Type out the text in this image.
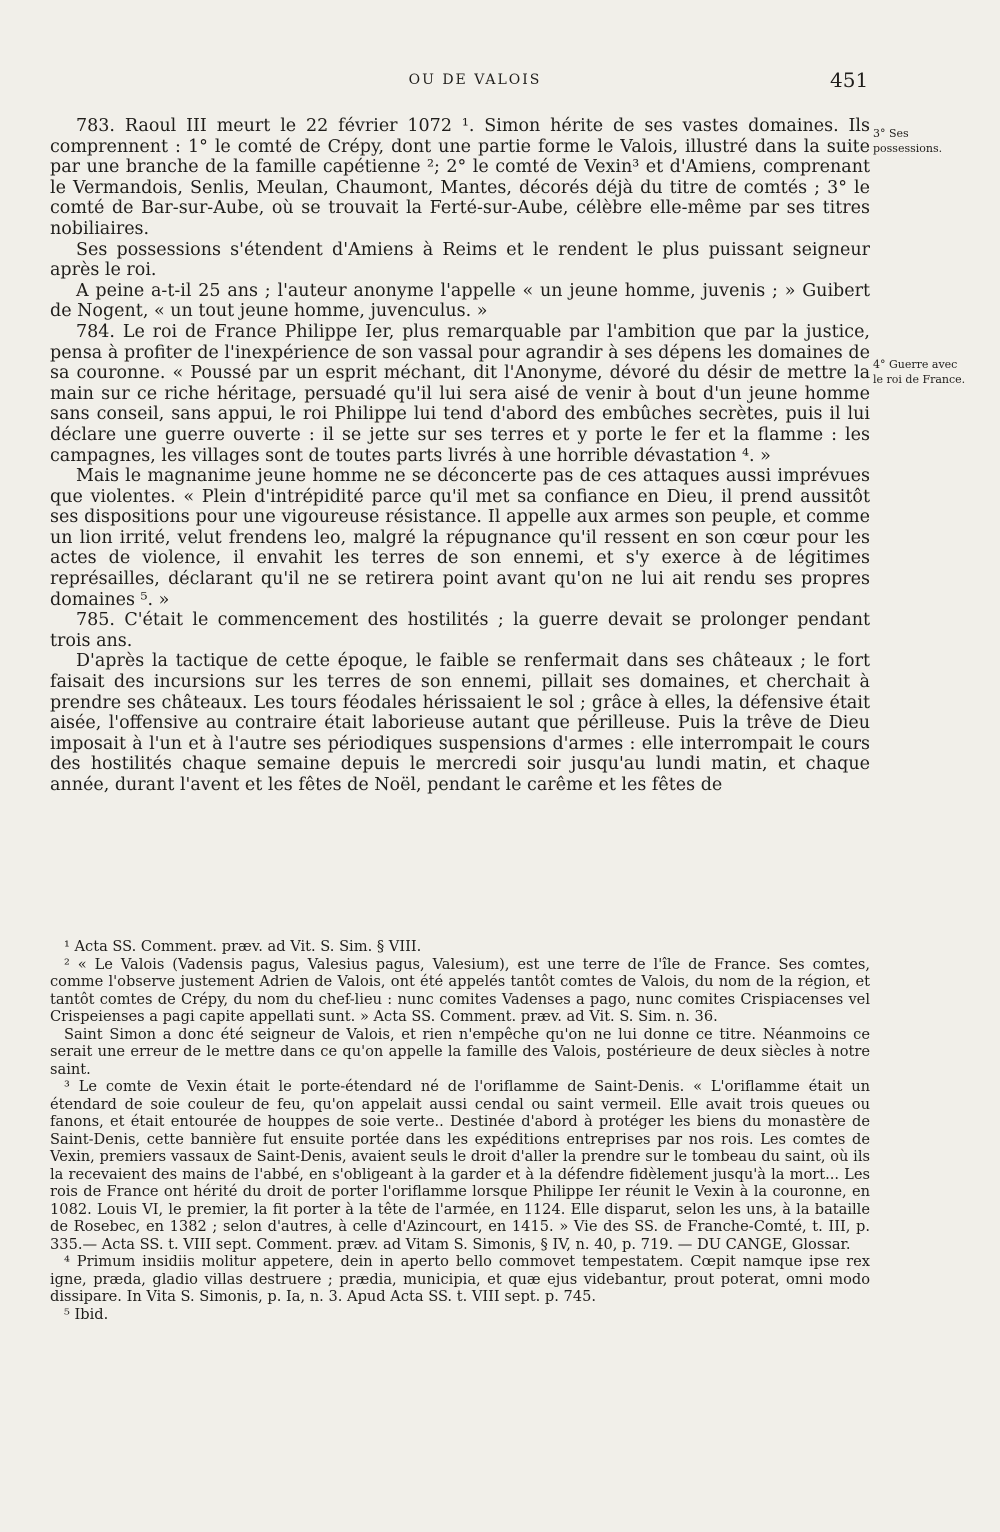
OU DE VALOIS	451
3° Ses possessions.
4° Guerre avec le roi de France.

783. Raoul III meurt le 22 février 1072 ¹. Simon hérite de ses vastes domaines. Ils comprennent : 1° le comté de Crépy, dont une partie forme le Valois, illustré dans la suite par une branche de la famille capétienne ²; 2° le comté de Vexin³ et d'Amiens, comprenant le Vermandois, Senlis, Meulan, Chaumont, Mantes, décorés déjà du titre de comtés ; 3° le comté de Bar-sur-Aube, où se trouvait la Ferté-sur-Aube, célèbre elle-même par ses titres nobiliaires.

Ses possessions s'étendent d'Amiens à Reims et le rendent le plus puissant seigneur après le roi.

A peine a-t-il 25 ans ; l'auteur anonyme l'appelle « un jeune homme, juvenis ; » Guibert de Nogent, « un tout jeune homme, juvenculus. »

784. Le roi de France Philippe Ier, plus remarquable par l'ambition que par la justice, pensa à profiter de l'inexpérience de son vassal pour agrandir à ses dépens les domaines de sa couronne. « Poussé par un esprit méchant, dit l'Anonyme, dévoré du désir de mettre la main sur ce riche héritage, persuadé qu'il lui sera aisé de venir à bout d'un jeune homme sans conseil, sans appui, le roi Philippe lui tend d'abord des embûches secrètes, puis il lui déclare une guerre ouverte : il se jette sur ses terres et y porte le fer et la flamme : les campagnes, les villages sont de toutes parts livrés à une horrible dévastation ⁴. »

Mais le magnanime jeune homme ne se déconcerte pas de ces attaques aussi imprévues que violentes. « Plein d'intrépidité parce qu'il met sa confiance en Dieu, il prend aussitôt ses dispositions pour une vigoureuse résistance. Il appelle aux armes son peuple, et comme un lion irrité, velut frendens leo, malgré la répugnance qu'il ressent en son cœur pour les actes de violence, il envahit les terres de son ennemi, et s'y exerce à de légitimes représailles, déclarant qu'il ne se retirera point avant qu'on ne lui ait rendu ses propres domaines ⁵. »

785. C'était le commencement des hostilités ; la guerre devait se prolonger pendant trois ans.

D'après la tactique de cette époque, le faible se renfermait dans ses châteaux ; le fort faisait des incursions sur les terres de son ennemi, pillait ses domaines, et cherchait à prendre ses châteaux. Les tours féodales hérissaient le sol ; grâce à elles, la défensive était aisée, l'offensive au contraire était laborieuse autant que périlleuse. Puis la trêve de Dieu imposait à l'un et à l'autre ses périodiques suspensions d'armes : elle interrompait le cours des hostilités chaque semaine depuis le mercredi soir jusqu'au lundi matin, et chaque année, durant l'avent et les fêtes de Noël, pendant le carême et les fêtes de

¹ Acta SS. Comment. præv. ad Vit. S. Sim. § VIII.

² « Le Valois (Vadensis pagus, Valesius pagus, Valesium), est une terre de l'île de France. Ses comtes, comme l'observe justement Adrien de Valois, ont été appelés tantôt comtes de Valois, du nom de la région, et tantôt comtes de Crépy, du nom du chef-lieu : nunc comites Vadenses a pago, nunc comites Crispiacenses vel Crispeienses a pagi capite appellati sunt. » Acta SS. Comment. præv. ad Vit. S. Sim. n. 36.

Saint Simon a donc été seigneur de Valois, et rien n'empêche qu'on ne lui donne ce titre. Néanmoins ce serait une erreur de le mettre dans ce qu'on appelle la famille des Valois, postérieure de deux siècles à notre saint.

³ Le comte de Vexin était le porte-étendard né de l'oriflamme de Saint-Denis. « L'oriflamme était un étendard de soie couleur de feu, qu'on appelait aussi cendal ou saint vermeil. Elle avait trois queues ou fanons, et était entourée de houppes de soie verte.. Destinée d'abord à protéger les biens du monastère de Saint-Denis, cette bannière fut ensuite portée dans les expéditions entreprises par nos rois. Les comtes de Vexin, premiers vassaux de Saint-Denis, avaient seuls le droit d'aller la prendre sur le tombeau du saint, où ils la recevaient des mains de l'abbé, en s'obligeant à la garder et à la défendre fidèlement jusqu'à la mort... Les rois de France ont hérité du droit de porter l'oriflamme lorsque Philippe Ier réunit le Vexin à la couronne, en 1082. Louis VI, le premier, la fit porter à la tête de l'armée, en 1124. Elle disparut, selon les uns, à la bataille de Rosebec, en 1382 ; selon d'autres, à celle d'Azincourt, en 1415. » Vie des SS. de Franche-Comté, t. III, p. 335.— Acta SS. t. VIII sept. Comment. præv. ad Vitam S. Simonis, § IV, n. 40, p. 719. — DU CANGE, Glossar.

⁴ Primum insidiis molitur appetere, dein in aperto bello commovet tempestatem. Cœpit namque ipse rex igne, præda, gladio villas destruere ; prædia, municipia, et quæ ejus videbantur, prout poterat, omni modo dissipare. In Vita S. Simonis, p. Ia, n. 3. Apud Acta SS. t. VIII sept. p. 745.

⁵ Ibid.
